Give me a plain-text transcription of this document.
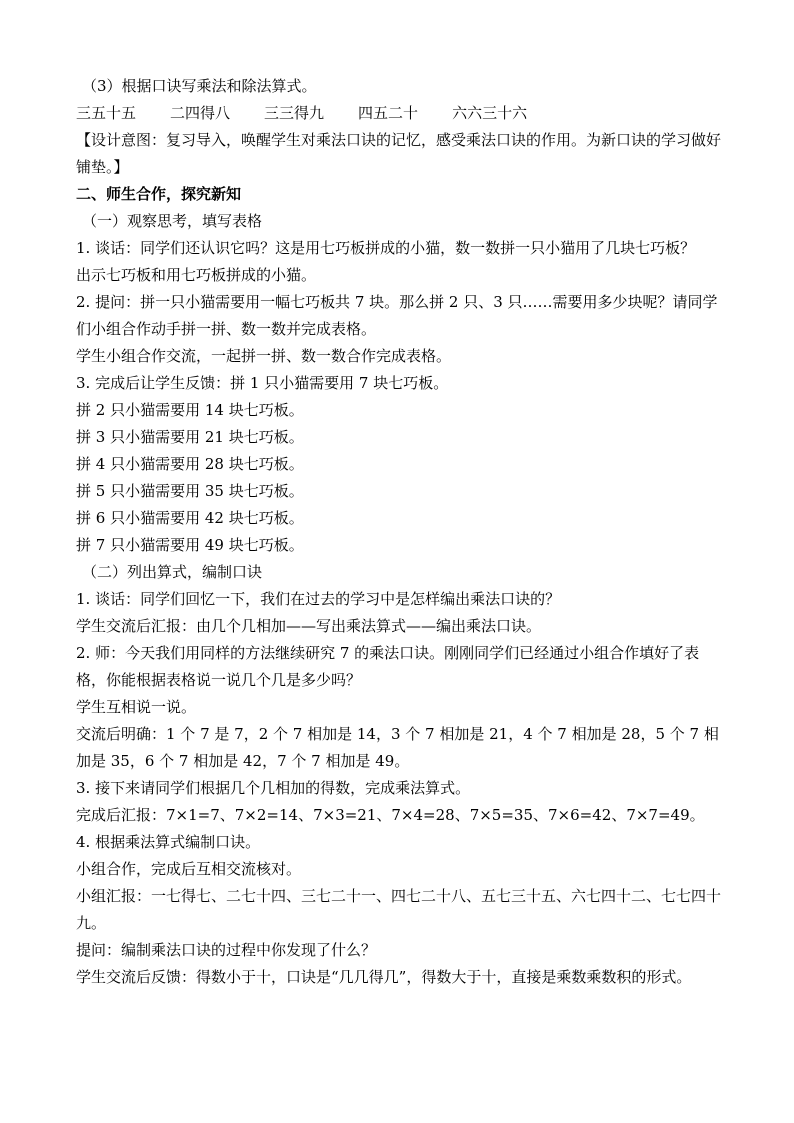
（3）根据口诀写乘法和除法算式。
三五十五 二四得八 三三得九 四五二十 六六三十六
【设计意图：复习导入，唤醒学生对乘法口诀的记忆，感受乘法口诀的作用。为新口诀的学习做好铺垫。】
二、师生合作，探究新知
（一）观察思考，填写表格
1. 谈话：同学们还认识它吗？这是用七巧板拼成的小猫，数一数拼一只小猫用了几块七巧板？
出示七巧板和用七巧板拼成的小猫。
2. 提问：拼一只小猫需要用一幅七巧板共 7 块。那么拼 2 只、3 只……需要用多少块呢？请同学们小组合作动手拼一拼、数一数并完成表格。
学生小组合作交流，一起拼一拼、数一数合作完成表格。
3. 完成后让学生反馈：拼 1 只小猫需要用 7 块七巧板。
拼 2 只小猫需要用 14 块七巧板。
拼 3 只小猫需要用 21 块七巧板。
拼 4 只小猫需要用 28 块七巧板。
拼 5 只小猫需要用 35 块七巧板。
拼 6 只小猫需要用 42 块七巧板。
拼 7 只小猫需要用 49 块七巧板。
（二）列出算式，编制口诀
1. 谈话：同学们回忆一下，我们在过去的学习中是怎样编出乘法口诀的？
学生交流后汇报：由几个几相加——写出乘法算式——编出乘法口诀。
2. 师：今天我们用同样的方法继续研究 7 的乘法口诀。刚刚同学们已经通过小组合作填好了表格，你能根据表格说一说几个几是多少吗？
学生互相说一说。
交流后明确：1 个 7 是 7，2 个 7 相加是 14，3 个 7 相加是 21，4 个 7 相加是 28，5 个 7 相加是 35，6 个 7 相加是 42，7 个 7 相加是 49。
3. 接下来请同学们根据几个几相加的得数，完成乘法算式。
完成后汇报：7×1=7、7×2=14、7×3=21、7×4=28、7×5=35、7×6=42、7×7=49。
4. 根据乘法算式编制口诀。
小组合作，完成后互相交流核对。
小组汇报：一七得七、二七十四、三七二十一、四七二十八、五七三十五、六七四十二、七七四十九。
提问：编制乘法口诀的过程中你发现了什么？
学生交流后反馈：得数小于十，口诀是“几几得几”，得数大于十，直接是乘数乘数积的形式。
